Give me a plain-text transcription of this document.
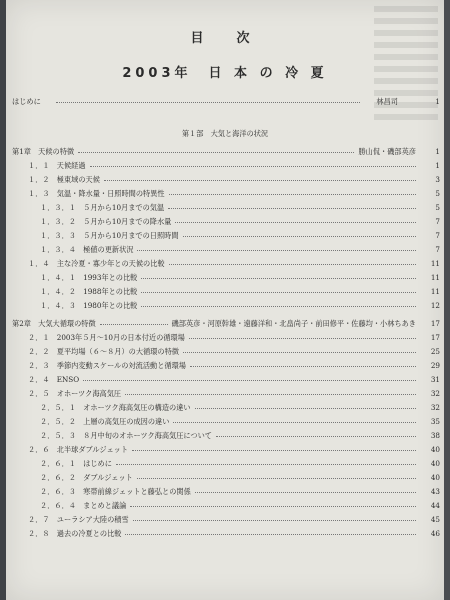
目　次
2003年　日 本 の 冷 夏
はじめに	林昌司	1
第１部　大気と海洋の状況
第1章　天候の特徴	勝山侃・磯部英彦	1
１．１　天候経過	1
１．２　極東域の天候	3
１．３　気温・降水量・日照時間の特異性	5
１．３．１　５月から10月までの気温	5
１．３．２　５月から10月までの降水量	7
１．３．３　５月から10月までの日照時間	7
１．３．４　極値の更新状況	7
１．４　主な冷夏・寡少年との天候の比較	11
１．４．１　1993年との比較	11
１．４．２　1988年との比較	11
１．４．３　1980年との比較	12
第2章　大気大循環の特徴	磯部英彦・河原幹雄・遠藤洋和・北畠尚子・前田修平・佐藤均・小林ちあき	17
２．１　2003年５月～10月の日本付近の循環場	17
２．２　夏平均場（６～８月）の大循環の特徴	25
２．３　季節内変動スケールの対流活動と循環場	29
２．４　ENSO	31
２．５　オホーツク海高気圧	32
２．５．１　オホーツク海高気圧の構造の違い	32
２．５．２　上層の高気圧の成因の違い	35
２．５．３　８月中旬のオホーツク海高気圧について	38
２．６　北半球ダブルジェット	40
２．６．１　はじめに	40
２．６．２　ダブルジェット	40
２．６．３　寒帯前線ジェットと藤弘との関係	43
２．６．４　まとめと議論	44
２．７　ユーラシア大陸の積雪	45
２．８　過去の冷夏との比較	46
